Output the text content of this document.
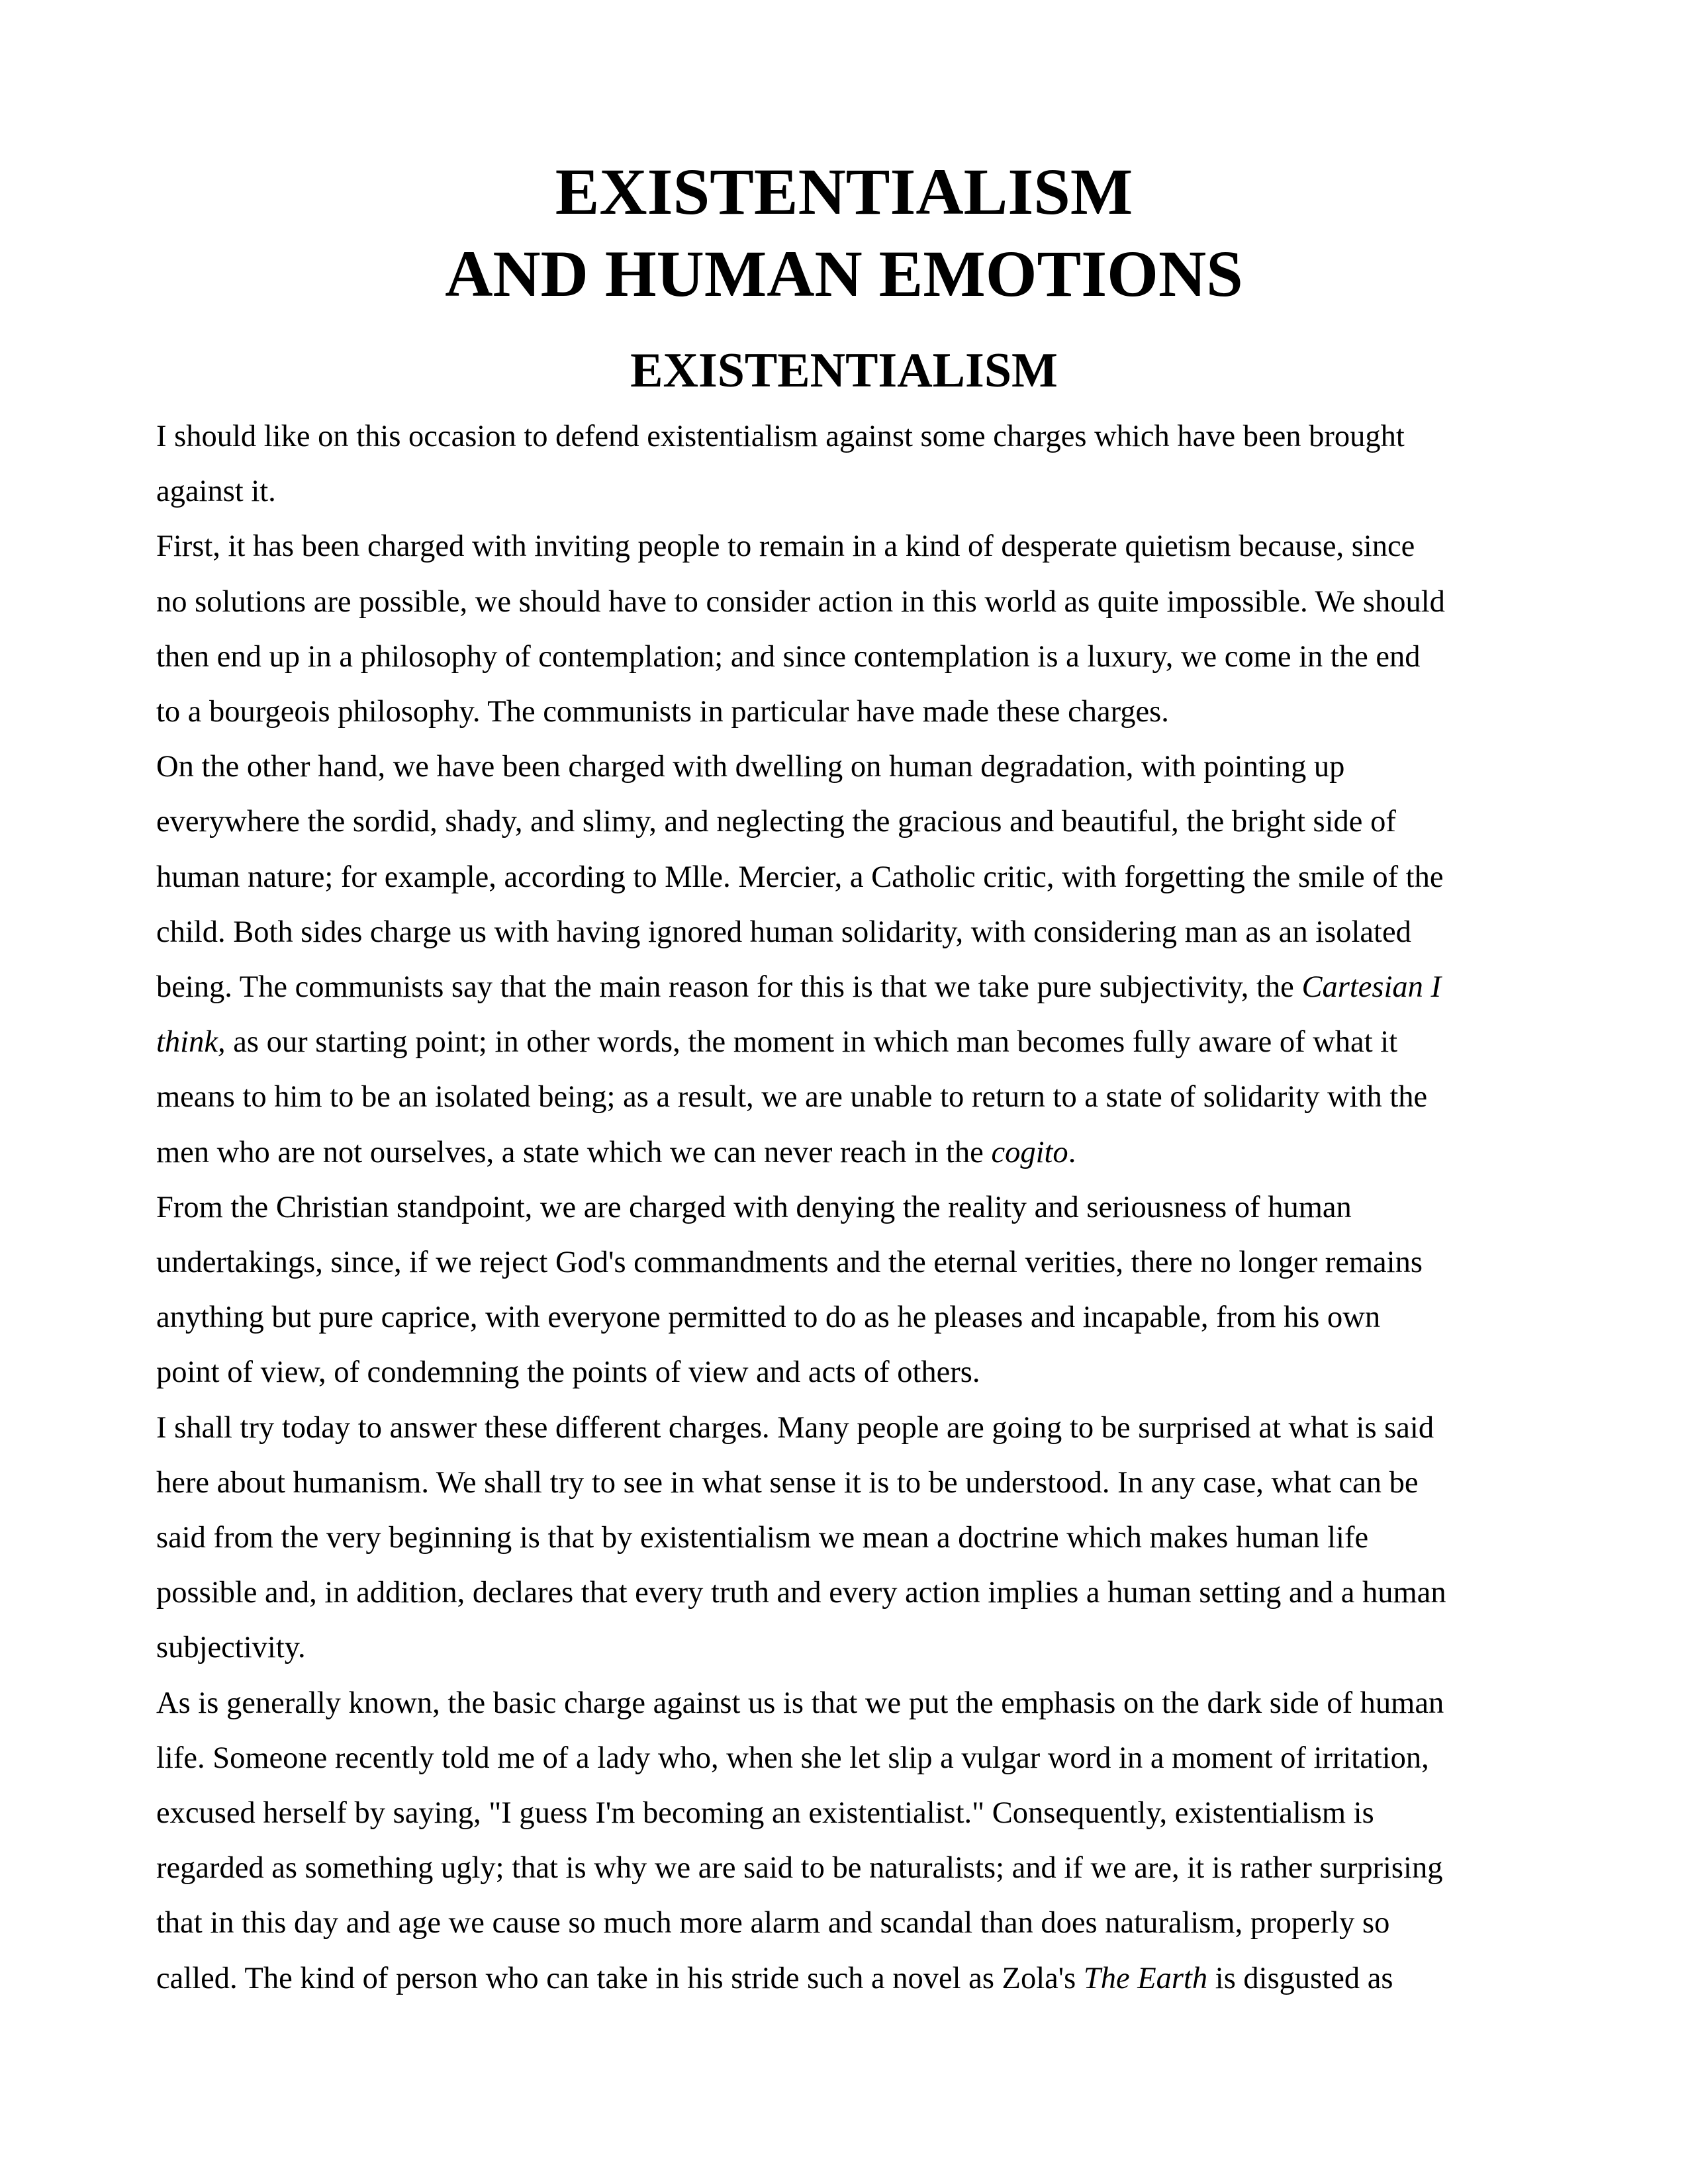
EXISTENTIALISM
AND HUMAN EMOTIONS
EXISTENTIALISM

I should like on this occasion to defend existentialism against some charges which have been brought
against it.

First, it has been charged with inviting people to remain in a kind of desperate quietism because, since
no solutions are possible, we should have to consider action in this world as quite impossible. We should
then end up in a philosophy of contemplation; and since contemplation is a luxury, we come in the end
to a bourgeois philosophy. The communists in particular have made these charges.

On the other hand, we have been charged with dwelling on human degradation, with pointing up
everywhere the sordid, shady, and slimy, and neglecting the gracious and beautiful, the bright side of
human nature; for example, according to Mlle. Mercier, a Catholic critic, with forgetting the smile of the
child. Both sides charge us with having ignored human solidarity, with considering man as an isolated
being. The communists say that the main reason for this is that we take pure subjectivity, the Cartesian I
think, as our starting point; in other words, the moment in which man becomes fully aware of what it
means to him to be an isolated being; as a result, we are unable to return to a state of solidarity with the
men who are not ourselves, a state which we can never reach in the cogito.

From the Christian standpoint, we are charged with denying the reality and seriousness of human
undertakings, since, if we reject God's commandments and the eternal verities, there no longer remains
anything but pure caprice, with everyone permitted to do as he pleases and incapable, from his own
point of view, of condemning the points of view and acts of others.

I shall try today to answer these different charges. Many people are going to be surprised at what is said
here about humanism. We shall try to see in what sense it is to be understood. In any case, what can be
said from the very beginning is that by existentialism we mean a doctrine which makes human life
possible and, in addition, declares that every truth and every action implies a human setting and a human
subjectivity.

As is generally known, the basic charge against us is that we put the emphasis on the dark side of human
life. Someone recently told me of a lady who, when she let slip a vulgar word in a moment of irritation,
excused herself by saying, "I guess I'm becoming an existentialist." Consequently, existentialism is
regarded as something ugly; that is why we are said to be naturalists; and if we are, it is rather surprising
that in this day and age we cause so much more alarm and scandal than does naturalism, properly so
called. The kind of person who can take in his stride such a novel as Zola's The Earth is disgusted as
